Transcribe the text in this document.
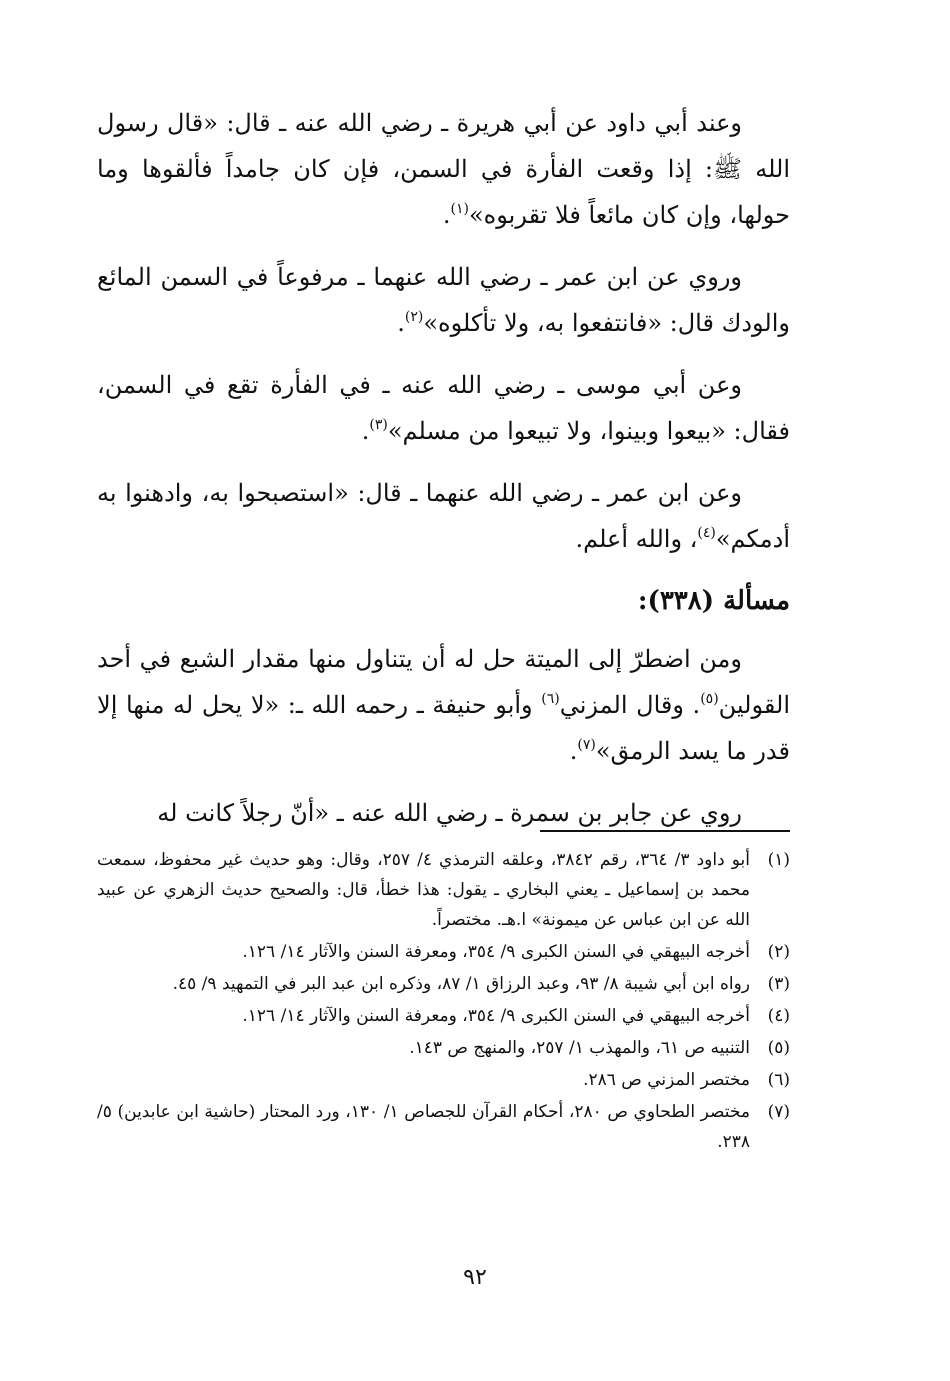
وعند أبي داود عن أبي هريرة ـ رضي الله عنه ـ قال: «قال رسول الله ﷺ: إذا وقعت الفأرة في السمن، فإن كان جامداً فألقوها وما حولها، وإن كان مائعاً فلا تقربوه»$^{(١)}$.

وروي عن ابن عمر ـ رضي الله عنهما ـ مرفوعاً في السمن المائع والودك قال: «فانتفعوا به، ولا تأكلوه»$^{(٢)}$.

وعن أبي موسى ـ رضي الله عنه ـ في الفأرة تقع في السمن، فقال: «بيعوا وبينوا، ولا تبيعوا من مسلم»$^{(٣)}$.

وعن ابن عمر ـ رضي الله عنهما ـ قال: «استصبحوا به، وادهنوا به أدمكم»$^{(٤)}$، والله أعلم.

مسألة (٣٣٨):

ومن اضطرّ إلى الميتة حل له أن يتناول منها مقدار الشبع في أحد القولين$^{(٥)}$. وقال المزني$^{(٦)}$ وأبو حنيفة ـ رحمه الله ـ: «لا يحل له منها إلا قدر ما يسد الرمق»$^{(٧)}$.

روي عن جابر بن سمرة ـ رضي الله عنه ـ «أنّ رجلاً كانت له

(١)
أبو داود ٣/ ٣٦٤، رقم ٣٨٤٢، وعلقه الترمذي ٤/ ٢٥٧، وقال: وهو حديث غير محفوظ، سمعت محمد بن إسماعيل ـ يعني البخاري ـ يقول: هذا خطأ، قال: والصحيح حديث الزهري عن عبيد الله عن ابن عباس عن ميمونة» ا.هـ. مختصراً.
(٢)
أخرجه البيهقي في السنن الكبرى ٩/ ٣٥٤، ومعرفة السنن والآثار ١٤/ ١٢٦.
(٣)
رواه ابن أبي شيبة ٨/ ٩٣، وعبد الرزاق ١/ ٨٧، وذكره ابن عبد البر في التمهيد ٩/ ٤٥.
(٤)
أخرجه البيهقي في السنن الكبرى ٩/ ٣٥٤، ومعرفة السنن والآثار ١٤/ ١٢٦.
(٥)
التنبيه ص ٦١، والمهذب ١/ ٢٥٧، والمنهج ص ١٤٣.
(٦)
مختصر المزني ص ٢٨٦.
(٧)
مختصر الطحاوي ص ٢٨٠، أحكام القرآن للجصاص ١/ ١٣٠، ورد المحتار (حاشية ابن عابدين) ٥/ ٢٣٨.
٩٢
